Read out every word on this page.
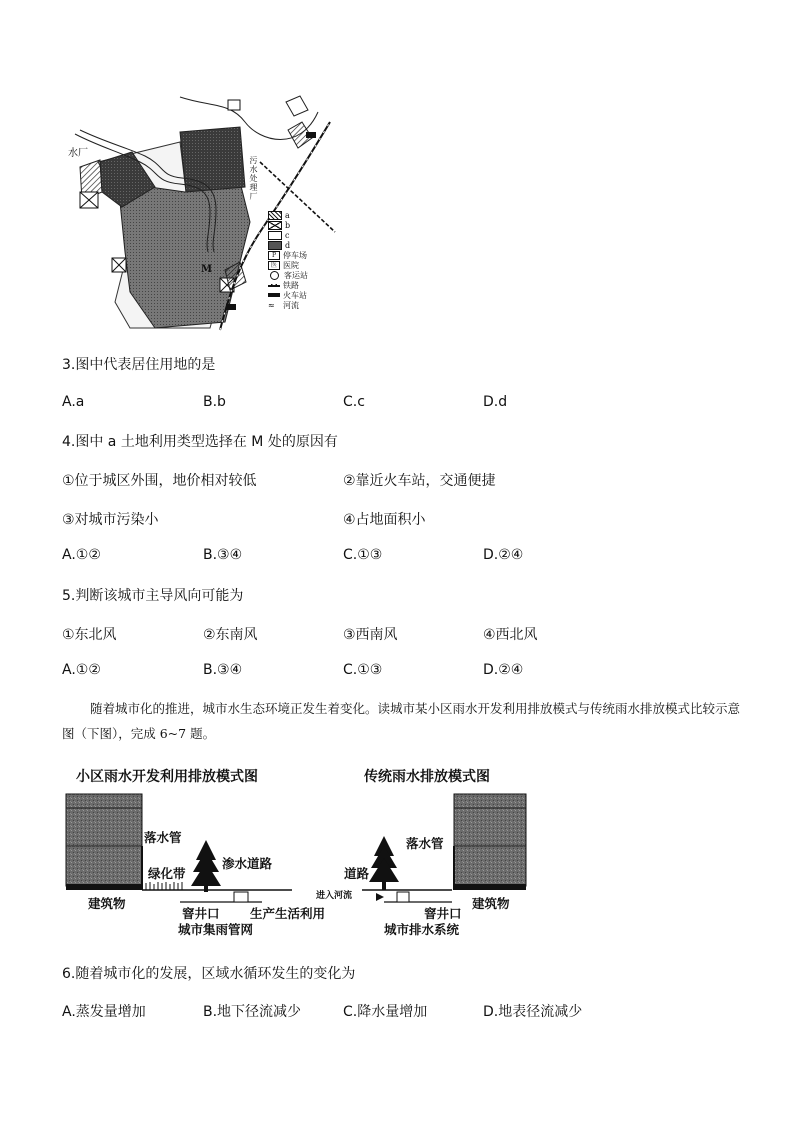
水厂
污水处理厂
M
a
b
c
d
P 停车场
医 医院
客运站
铁路
火车站
≈	河流
3.图中代表居住用地的是
A.a	B.b	C.c	D.d
4.图中 a 土地利用类型选择在 M 处的原因有
①位于城区外围，地价相对较低	②靠近火车站，交通便捷
③对城市污染小	④占地面积小
A.①②	B.③④	C.①③	D.②④
5.判断该城市主导风向可能为
①东北风	②东南风	③西南风	④西北风
A.①②	B.③④	C.①③	D.②④
随着城市化的推进，城市水生态环境正发生着变化。读城市某小区雨水开发利用排放模式与传统雨水排放模式比较示意图（下图），完成 6~7 题。
小区雨水开发利用排放模式图	传统雨水排放模式图
落水管
绿化带
渗水道路
建筑物
窨井口 生产生活利用
城市集雨管网
道路
落水管
进入河流
窨井口
建筑物
城市排水系统
6.随着城市化的发展，区域水循环发生的变化为
A.蒸发量增加	B.地下径流减少	C.降水量增加	D.地表径流减少
